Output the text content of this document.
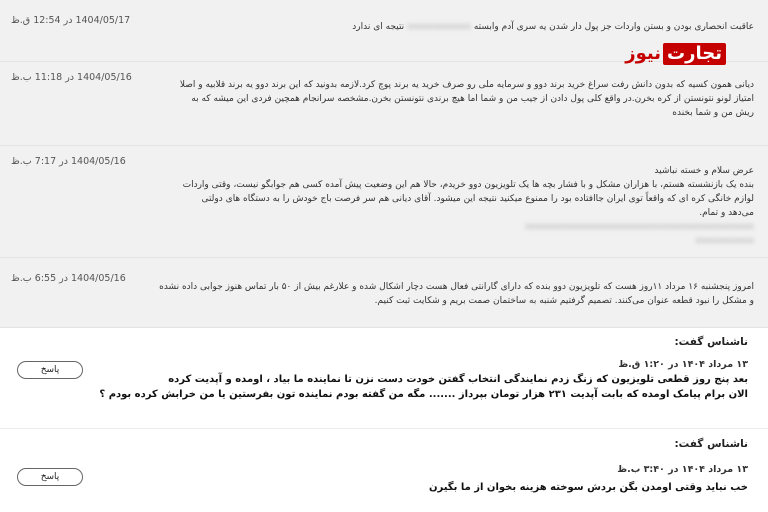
1404/05/17 در 12:54 ق.ظ
عاقبت انحصاری بودن و بستن واردات جز پول دار شدن یه سری آدم وابسته xxxxxxxxxxxx نتیجه ای ندارد
1404/05/16 در 11:18 ب.ظ
دیانی همون کسیه که بدون دانش رفت سراغ خرید برند دوو و سرمایه ملی رو صرف خرید یه برند پوچ کرد.لازمه بدونید که این برند دوو یه برند قلابیه و اصلا
امتیاز لونو نتونستن از کره بخرن.در واقع کلی پول دادن از جیب من و شما اما هیچ برندی نتونستن بخرن.مشخصه سرانجام همچین فردی این میشه که به
ریش من و شما بخنده
1404/05/16 در 7:17 ب.ظ
عرض سلام و خسته نباشید
بنده یک بازنشسته هستم، با هزاران مشکل و با فشار بچه ها یک تلویزیون دوو خریدم، حالا هم این وضعیت پیش آمده کسی هم جوابگو نیست، وقتی واردات
لوازم خانگی کره ای که واقعاً توی ایران جاافتاده بود را ممنوع میکنید نتیجه این میشود. آقای دیانی هم سر فرصت باج خودش را به دستگاه های دولتی
می‌دهد و تمام.
xxxxxxxxxxxxxxxxxxxxxxxxxxxxxxxxxxxxxxxxxxx
xxxxxxxxxxx
1404/05/16 در 6:55 ب.ظ
امروز پنجشنبه ۱۶ مرداد ۱۱روز هست که تلویزیون دوو بنده که دارای گارانتی فعال هست دچار اشکال شده و علارغم بیش از ۵۰ بار تماس هنوز جوابی داده نشده
و مشکل را نبود قطعه عنوان می‌کنند. تصمیم گرفتیم شنبه به ساختمان صمت بریم و شکایت ثبت کنیم.
تجارت
نیوز
ناشناس گفت:
۱۳ مرداد ۱۴۰۴ در ۱:۲۰ ق.ظ
بعد پنج روز قطعی تلویزیون که زنگ زدم نمایندگی انتخاب گفتن خودت دست نزن تا نماینده ما بیاد ، اومده و آپدیت کرده
الان برام پیامک اومده که بابت آپدیت ۲۳۱ هزار تومان بپرداز ....... مگه من گفته بودم نماینده تون بفرستین یا من خرابش کرده بودم ؟
پاسخ
ناشناس گفت:
۱۳ مرداد ۱۴۰۴ در ۳:۴۰ ب.ظ
خب نباید وقتی اومدن بگن بردش سوخته هزینه بخوان از ما بگیرن
پاسخ
